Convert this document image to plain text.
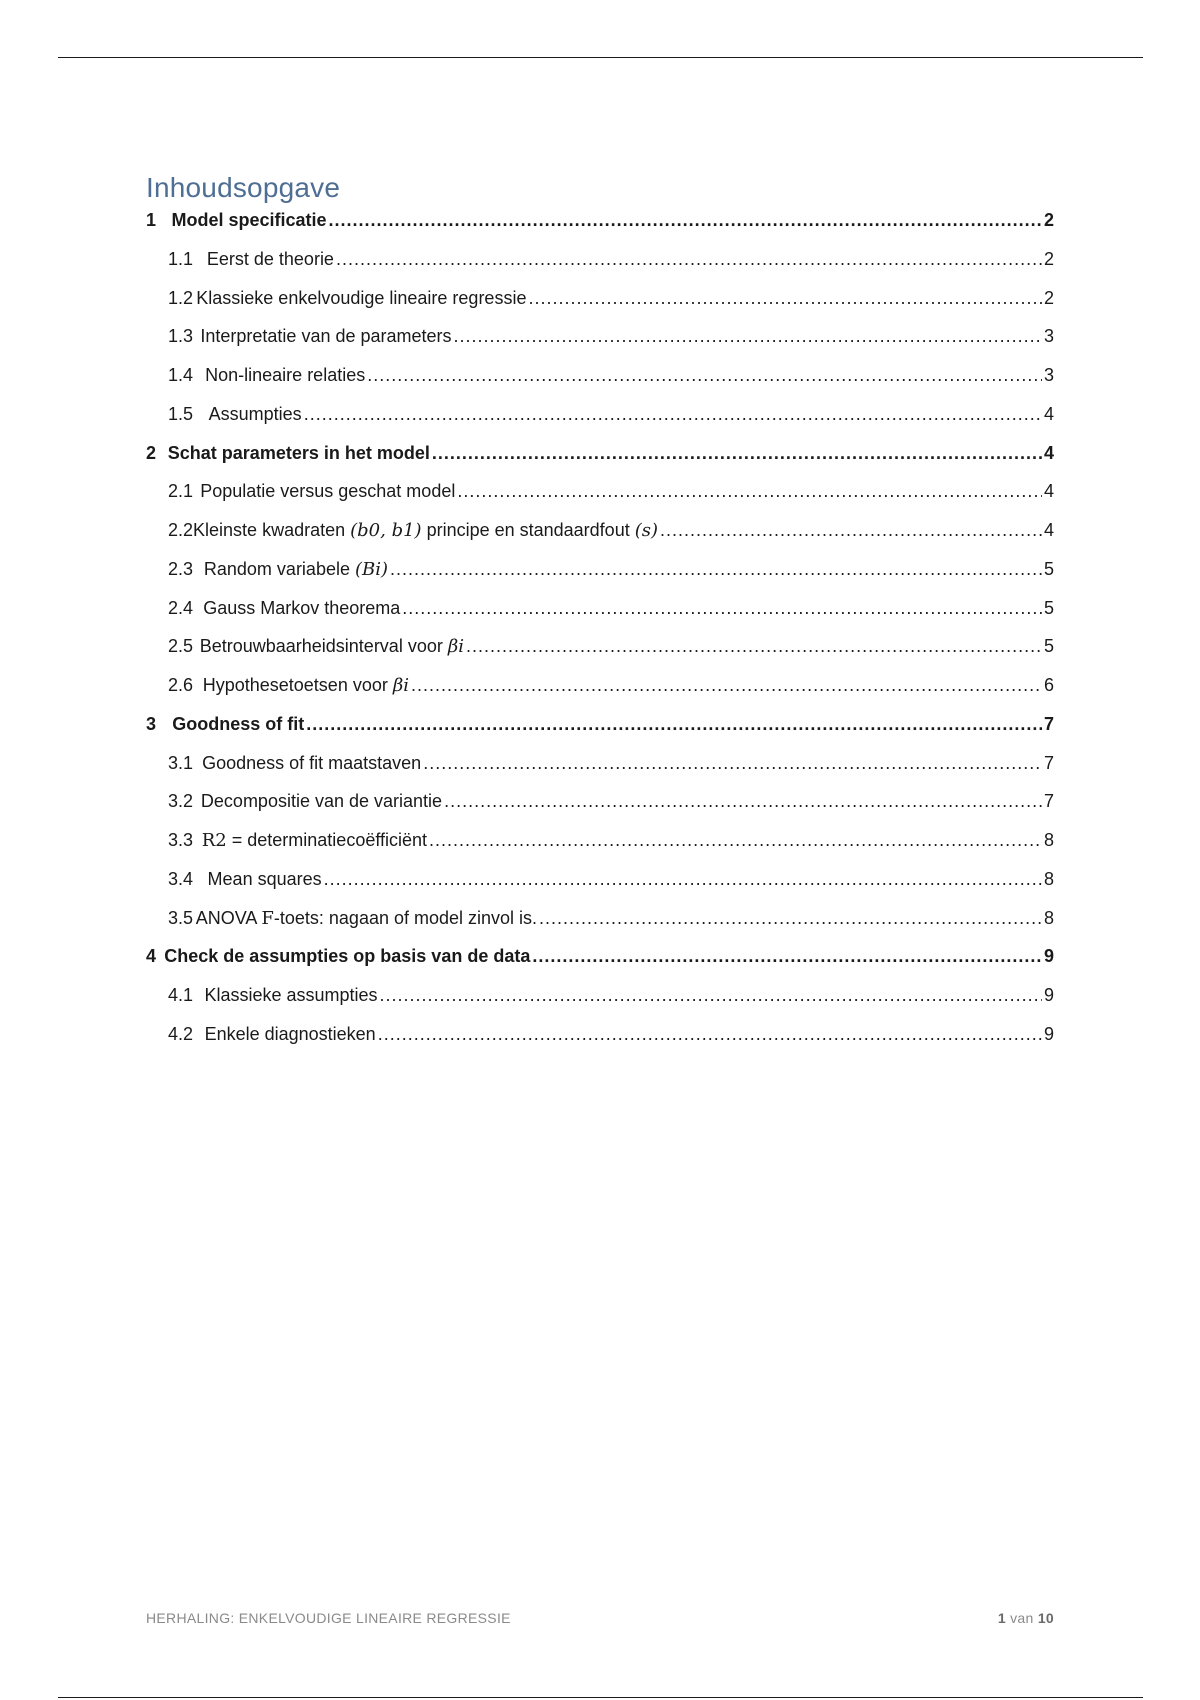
Inhoudsopgave
1 Model specificatie .....	2
1.1 Eerst de theorie .....	2
1.2 Klassieke enkelvoudige lineaire regressie .....	2
1.3 Interpretatie van de parameters .....	3
1.4 Non-lineaire relaties .....	3
1.5 Assumpties .....	4
2 Schat parameters in het model .....	4
2.1 Populatie versus geschat model .....	4
2.2 Kleinste kwadraten (b0, b1) principe en standaardfout (s) .....	4
2.3 Random variabele (Bi) .....	5
2.4 Gauss Markov theorema .....	5
2.5 Betrouwbaarheidsinterval voor βi .....	5
2.6 Hypothesetoetsen voor βi .....	6
3 Goodness of fit .....	7
3.1 Goodness of fit maatstaven .....	7
3.2 Decompositie van de variantie .....	7
3.3 R2 = determinatiecoëfficiënt .....	8
3.4 Mean squares .....	8
3.5 ANOVA F-toets: nagaan of model zinvol is. .....	8
4 Check de assumpties op basis van de data .....	9
4.1 Klassieke assumpties .....	9
4.2 Enkele diagnostieken .....	9
HERHALING: ENKELVOUDIGE LINEAIRE REGRESSIE	1 van 10
